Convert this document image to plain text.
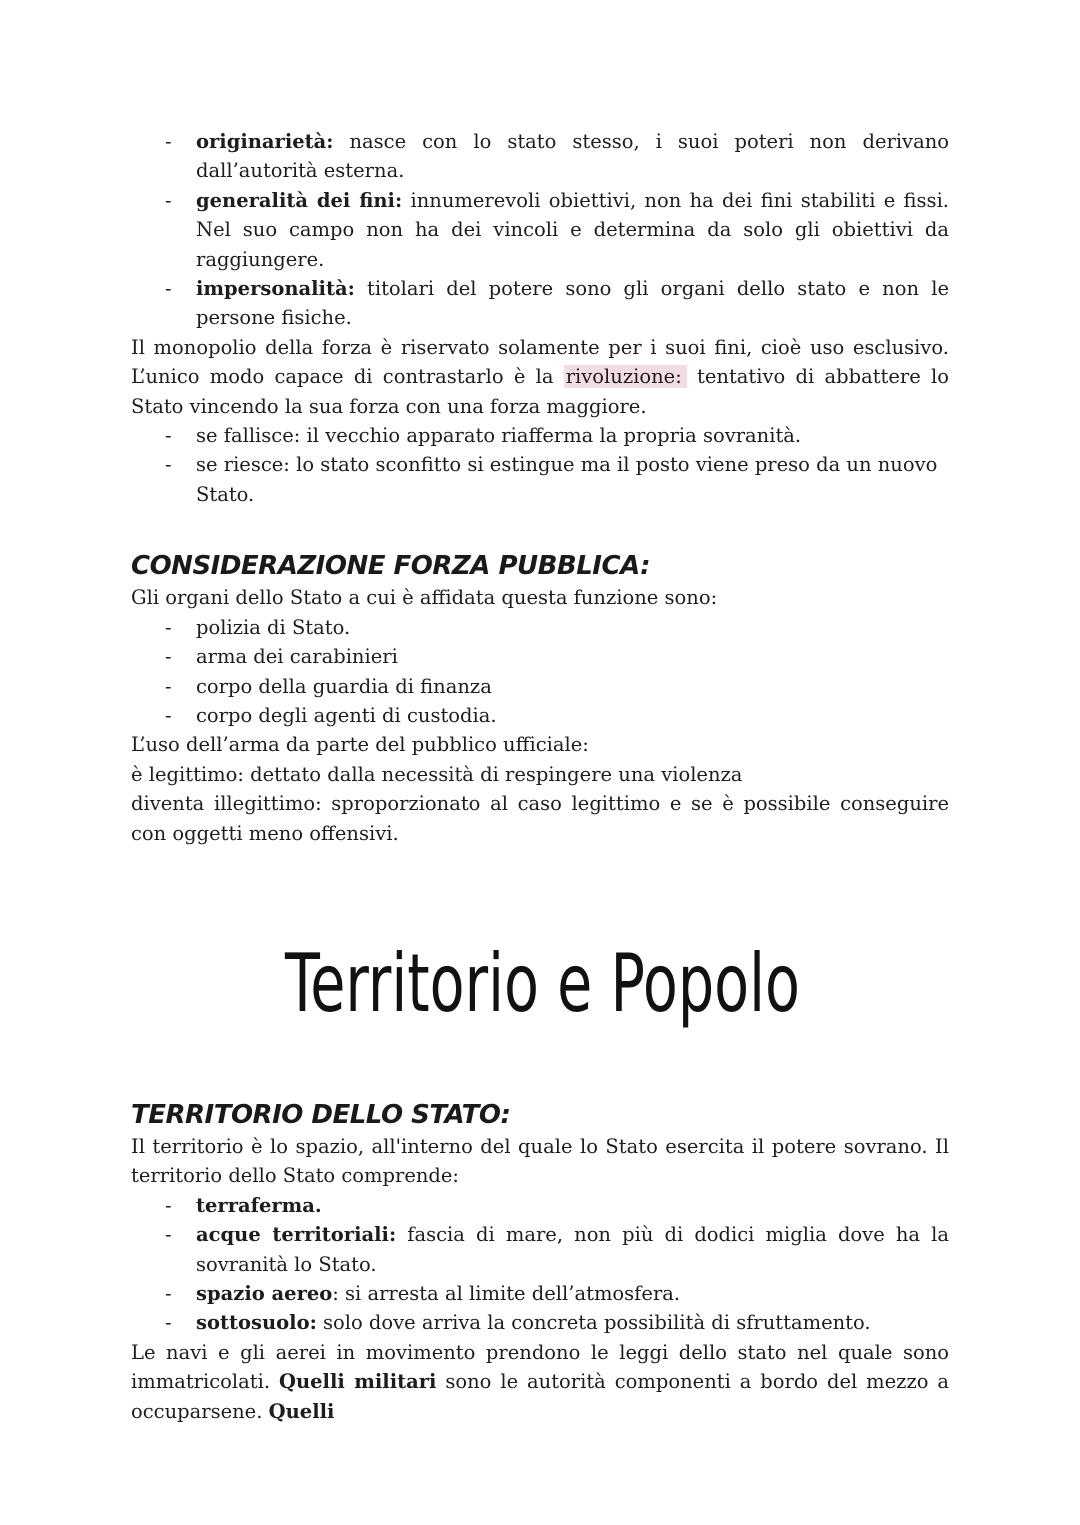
- originarietà: nasce con lo stato stesso, i suoi poteri non derivano dall’autorità esterna.
- generalità dei fini: innumerevoli obiettivi, non ha dei fini stabiliti e fissi. Nel suo campo non ha dei vincoli e determina da solo gli obiettivi da raggiungere.
- impersonalità: titolari del potere sono gli organi dello stato e non le persone fisiche.

Il monopolio della forza è riservato solamente per i suoi fini, cioè uso esclusivo. L’unico modo capace di contrastarlo è la rivoluzione: tentativo di abbattere lo Stato vincendo la sua forza con una forza maggiore.

- se fallisce: il vecchio apparato riafferma la propria sovranità.
- se riesce: lo stato sconfitto si estingue ma il posto viene preso da un nuovo Stato.
CONSIDERAZIONE FORZA PUBBLICA:

Gli organi dello Stato a cui è affidata questa funzione sono:

- polizia di Stato.
- arma dei carabinieri
- corpo della guardia di finanza
- corpo degli agenti di custodia.

L’uso dell’arma da parte del pubblico ufficiale:

è legittimo: dettato dalla necessità di respingere una violenza

diventa illegittimo: sproporzionato al caso legittimo e se è possibile conseguire con oggetti meno offensivi.

Territorio e Popolo
TERRITORIO DELLO STATO:

Il territorio è lo spazio, all'interno del quale lo Stato esercita il potere sovrano. Il territorio dello Stato comprende:

- terraferma.
- acque territoriali: fascia di mare, non più di dodici miglia dove ha la sovranità lo Stato.
- spazio aereo: si arresta al limite dell’atmosfera.
- sottosuolo: solo dove arriva la concreta possibilità di sfruttamento.

Le navi e gli aerei in movimento prendono le leggi dello stato nel quale sono immatricolati. Quelli militari sono le autorità componenti a bordo del mezzo a occuparsene. Quelli
